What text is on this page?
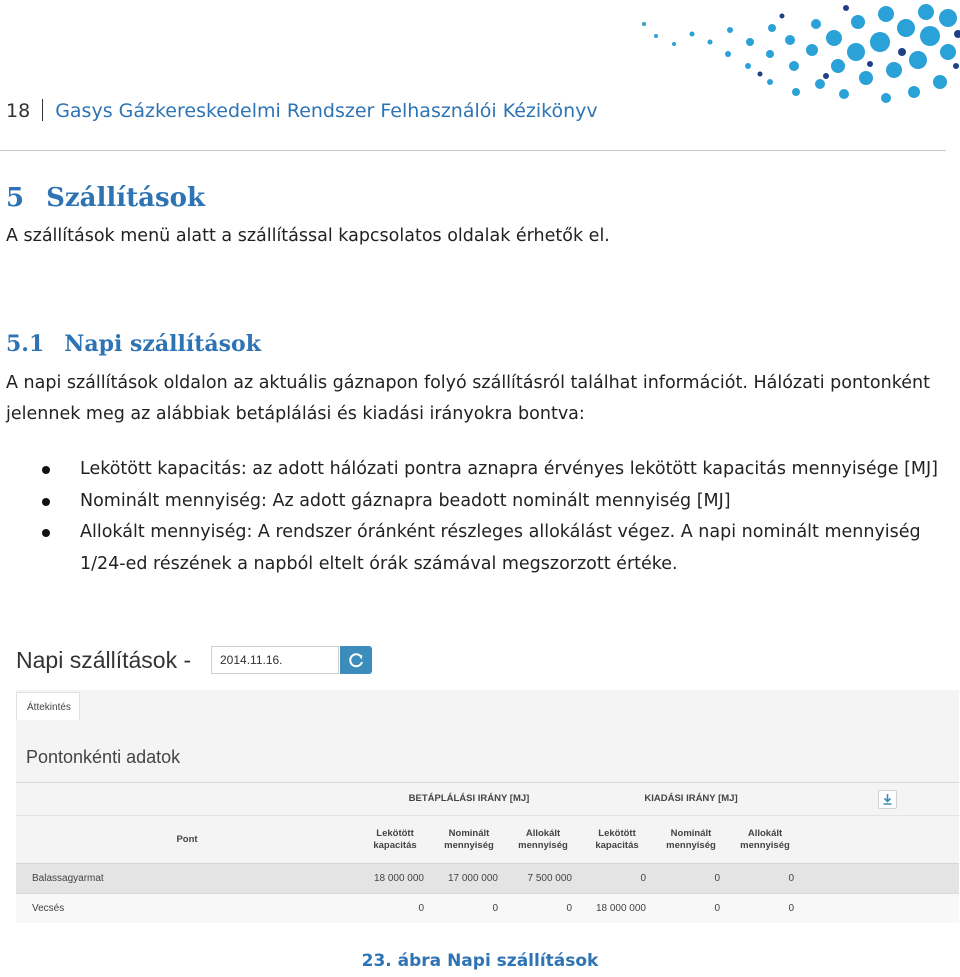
18 Gasys Gázkereskedelmi Rendszer Felhasználói Kézikönyv
5 Szállítások
A szállítások menü alatt a szállítással kapcsolatos oldalak érhetők el.
5.1 Napi szállítások
A napi szállítások oldalon az aktuális gáznapon folyó szállításról találhat információt. Hálózati pontonként jelennek meg az alábbiak betáplálási és kiadási irányokra bontva:
Lekötött kapacitás: az adott hálózati pontra aznapra érvényes lekötött kapacitás mennyisége [MJ]
Nominált mennyiség: Az adott gáznapra beadott nominált mennyiség [MJ]
Allokált mennyiség: A rendszer óránként részleges allokálást végez. A napi nominált mennyiség 1/24-ed részének a napból eltelt órák számával megszorzott értéke.
Napi szállítások -	2014.11.16.
Áttekintés
Pontonkénti adatok
	BETÁPLÁLÁSI IRÁNY [MJ]			KIADÁSI IRÁNY [MJ]	
Pont	Lekötött kapacitás	Nominált mennyiség	Allokált mennyiség	Lekötött kapacitás	Nominált mennyiség	Allokált mennyiség	
Balassagyarmat	18 000 000	17 000 000	7 500 000	0	0	0	
Vecsés	0	0	0	18 000 000	0	0	
23. ábra Napi szállítások
